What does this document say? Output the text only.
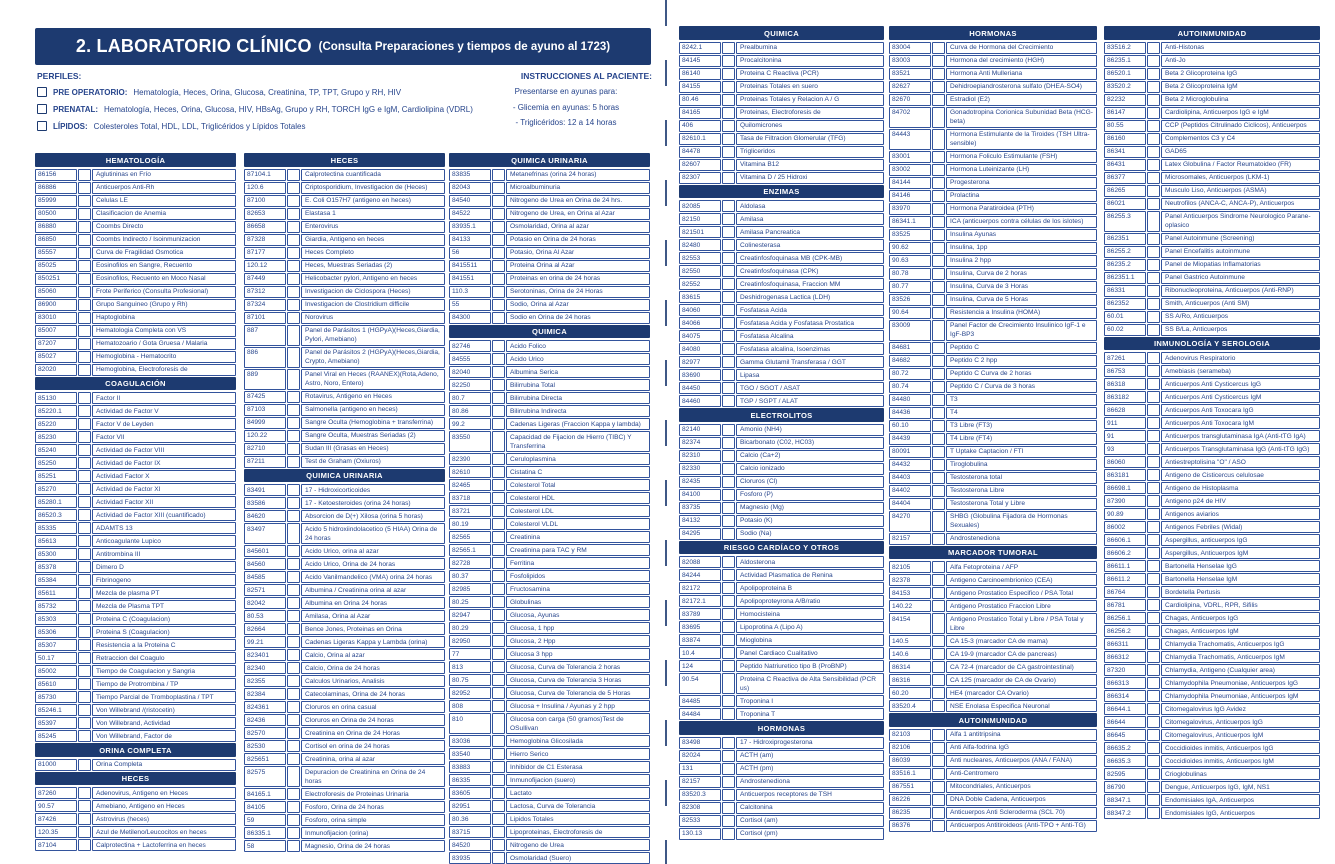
2. LABORATORIO CLÍNICO (Consulta Preparaciones y tiempos de ayuno al 1723)
PERFILES:
PRE OPERATORIO: Hematología, Heces, Orina, Glucosa, Creatinina, TP, TPT, Grupo y RH, HIV
PRENATAL: Hematología, Heces, Orina, Glucosa, HIV, HBsAg, Grupo y RH, TORCH IgG e IgM, Cardiolipina (VDRL)
LÍPIDOS: Colesteroles Total, HDL, LDL, Triglicéridos y Lípidos Totales
INSTRUCCIONES AL PACIENTE:
Presentarse en ayunas para:
- Glicemia en ayunas: 5 horas
- Triglicéridos: 12 a 14 horas
HEMATOLOGÍA
86156	Aglutininas en Frío
86886	Anticuerpos Anti-Rh
85999	Celulas LE
80500	Clasificacion de Anemia
86880	Coombs Directo
86850	Coombs Indirecto / Isoinmunizacion
85557	Curva de Fragilidad Osmotica
85025	Eosinofilos en Sangre, Recuento
850251	Eosinofilos, Recuento en Moco Nasal
85060	Frote Periferico (Consulta Profesional)
86900	Grupo Sanguineo (Grupo y Rh)
83010	Haptoglobina
85007	Hematologia Completa con VS
87207	Hematozoario / Gota Gruesa / Malaria
85027	Hemoglobina - Hematocrito
82020	Hemoglobina, Electroforesis de
COAGULACIÓN
85130	Factor II
85220.1	Actividad de Factor V
85220	Factor V de Leyden
85230	Factor VII
85240	Actividad de Factor VIII
85250	Actividad de Factor IX
85251	Actividad Factor X
85270	Actividad de Factor XI
85280.1	Actividad Factor XII
86520.3	Actividad de Factor XIII (cuantificado)
85335	ADAMTS 13
85613	Anticoagulante Lupico
85300	Antitrombina III
85378	Dimero D
85384	Fibrinogeno
85611	Mezcla de plasma PT
85732	Mezcla de Plasma TPT
85303	Proteina C (Coagulacion)
85306	Proteina S (Coagulacion)
85307	Resistencia a la Proteina C
50.17	Retraccion del Coagulo
85002	Tiempo de Coagulacion y Sangria
85610	Tiempo de Protrombina / TP
85730	Tiempo Parcial de Tromboplastina / TPT
85246.1	Von Willebrand /(ristocetin)
85397	Von Willebrand, Actividad
85245	Von Willebrand, Factor de
ORINA COMPLETA
81000	Orina Completa
HECES
87260	Adenovirus, Antigeno en Heces
90.57	Amebiano, Antigeno en Heces
87426	Astrovirus (heces)
120.35	Azul de Metileno/Leucocitos en heces
87104	Calprotectina + Lactoferrina en heces
HECES
87104.1	Calprotectina cuantificada
120.6	Criptosporidium, Investigacion de (Heces)
87100	E. Coli O157H7 (antigeno en heces)
82653	Elastasa 1
86658	Enterovirus
87328	Giardia, Antigeno en heces
87177	Heces Completo
120.12	Heces, Muestras Seriadas (2)
87449	Helicobacter pylori, Antigeno en heces
87312	Investigacion de Ciclospora (Heces)
87324	Investigacion de Clostridium difficile
87101	Norovirus
887	Panel de Parásitos 1 (HGPyA)(Heces,Giardia, Pylori, Amebiano)
886	Panel de Parásitos 2 (HGPyA)(Heces,Giardia, Crypto, Amebiano)
889	Panel Viral en Heces (RAANEX)(Rota,Adeno, Astro, Noro, Entero)
87425	Rotavirus, Antigeno en Heces
87103	Salmonella (antigeno en heces)
84999	Sangre Oculta (Hemoglobina + transferrina)
120.22	Sangre Oculta, Muestras Seriadas (2)
82710	Sudan III (Grasas en Heces)
87211	Test de Graham (Oxiuros)
QUIMICA URINARIA
83491	17 - Hidroxicorticoides
83586	17 - Ketoesteroides (orina 24 horas)
84620	Absorcion de D(+) Xilosa (orina 5 horas)
83497	Acido 5 hidroxiindolacetico (5 HIAA) Orina de 24 horas
845601	Acido Urico, orina al azar
84560	Acido Urico, Orina de 24 horas
84585	Acido Vanilmandelico (VMA) orina 24 horas
82571	Albumina / Creatinina orina al azar
82042	Albumina en Orina 24 horas
80.53	Amilasa, Orina al Azar
82664	Bence Jones, Proteinas en Orina
99.21	Cadenas Ligeras Kappa y Lambda (orina)
823401	Calcio, Orina al azar
82340	Calcio, Orina de 24 horas
82355	Calculos Urinarios, Analisis
82384	Catecolaminas, Orina de 24 horas
824361	Cloruros en orina casual
82436	Cloruros en Orina de 24 horas
82570	Creatinina en Orina de 24 Horas
82530	Cortisol en orina de 24 horas
825651	Creatinina, orina al azar
82575	Depuracion de Creatinina en Orina de 24 horas
84165.1	Electroforesis de Proteinas Urinaria
84105	Fosforo, Orina de 24 horas
59	Fosforo, orina simple
86335.1	Inmunofijacion (orina)
58	Magnesio, Orina de 24 horas
QUIMICA URINARIA
83835	Metanefrinas (orina 24 horas)
82043	Microalbuminuria
84540	Nitrogeno de Urea en Orina de 24 hrs.
84522	Nitrogeno de Urea, en Orina al Azar
83935.1	Osmolaridad, Orina al azar
84133	Potasio en Orina de 24 horas
56	Potasio, Orina Al Azar
8415511	Proteina Orina al Azar
841551	Proteinas en orina de 24 horas
110.3	Serotoninas, Orina de 24 Horas
55	Sodio, Orina al Azar
84300	Sodio en Orina de 24 horas
QUIMICA
82746	Acido Folico
84555	Acido Urico
82040	Albumina Serica
82250	Bilirrubina Total
80.7	Bilirrubina Directa
80.86	Bilirrubina Indirecta
99.2	Cadenas Ligeras (Fraccion Kappa y lambda)
83550	Capacidad de Fijacion de Hierro (TIBC) Y Transferrina
82390	Ceruloplasmina
82610	Cistatina C
82465	Colesterol Total
83718	Colesterol HDL
83721	Colesterol LDL
80.19	Colesterol VLDL
82565	Creatinina
82565.1	Creatinina para TAC y RM
82728	Ferritina
80.37	Fosfolipidos
82985	Fructosamina
80.25	Globulinas
82947	Glucosa, Ayunas
80.29	Glucosa, 1 hpp
82950	Glucosa, 2 Hpp
77	Glucosa 3 hpp
813	Glucosa, Curva de Tolerancia 2 horas
80.75	Glucosa, Curva de Tolerancia 3 Horas
82952	Glucosa, Curva de Tolerancia de 5 Horas
808	Glucosa + Insulina / Ayunas y 2 hpp
810	Glucosa con carga (50 gramos)Test de OSullivan
83036	Hemoglobina Glicosilada
83540	Hierro Serico
83883	Inhibidor de C1 Esterasa
86335	Inmunofijacion (suero)
83605	Lactato
82951	Lactosa, Curva de Tolerancia
80.36	Lipidos Totales
83715	Lipoproteinas, Electroforesis de
84520	Nitrogeno de Urea
83935	Osmolaridad (Suero)
QUIMICA
8242.1	Prealbumina
84145	Procalcitonina
86140	Proteina C Reactiva (PCR)
84155	Proteinas Totales en suero
80.46	Proteinas Totales y Relacion A / G
84165	Proteinas, Electroforesis de
406	Quilomicrones
82610.1	Tasa de Filtracion Glomerular (TFG)
84478	Trigliceridos
82607	Vitamina B12
82307	Vitamina D / 25 Hidroxi
ENZIMAS
82085	Aldolasa
82150	Amilasa
821501	Amilasa Pancreatica
82480	Colinesterasa
82553	Creatinfosfoquinasa MB (CPK-MB)
82550	Creatinfosfoquinasa (CPK)
82552	Creatinfosfoquinasa, Fraccion MM
83615	Deshidrogenasa Lactica (LDH)
84060	Fosfatasa Acida
84066	Fosfatasa Acida y Fosfatasa Prostatica
84075	Fosfatasa Alcalina
84080	Fosfatasa alcalina, Isoenzimas
82977	Gamma Glutamil Transferasa / GGT
83690	Lipasa
84450	TGO / SGOT / ASAT
84460	TGP / SGPT / ALAT
ELECTROLITOS
82140	Amonio (NH4)
82374	Bicarbonato (C02, HC03)
82310	Calcio (Ca+2)
82330	Calcio ionizado
82435	Cloruros (Cl)
84100	Fosforo (P)
83735	Magnesio (Mg)
84132	Potasio (K)
84295	Sodio (Na)
RIESGO CARDÍACO Y OTROS
82088	Aldosterona
84244	Actividad Plasmatica de Renina
82172	Apolipoproteina B
82172.1	Apolipoproteyrona A/B/ratio
83789	Homocisteina
83695	Lipoprotina A (Lipo A)
83874	Mioglobina
10.4	Panel Cardiaco Cualitativo
124	Peptido Natriuretico tipo B (ProBNP)
90.54	Proteina C Reactiva de Alta Sensibilidad (PCR us)
84485	Troponina I
84484	Troponina T
HORMONAS
83498	17 - Hidroxiprogesterona
82024	ACTH (am)
131	ACTH (pm)
82157	Androstenediona
83520.3	Anticuerpos receptores de TSH
82308	Calcitonina
82533	Cortisol (am)
130.13	Cortisol (pm)
HORMONAS
83004	Curva de Hormona del Crecimiento
83003	Hormona del crecimiento (HGH)
83521	Hormona Anti Mulleriana
82627	Dehidroepiandrosterona sulfato (DHEA-SO4)
82670	Estradiol (E2)
84702	Gonadotropina Corionica Subunidad Beta (HCG-beta)
84443	Hormona Estimulante de la Tiroides (TSH Ultra-sensible)
83001	Hormona Foliculo Estimulante (FSH)
83002	Hormona Luteinizante (LH)
84144	Progesterona
84146	Prolactina
83970	Hormona Paratiroidea (PTH)
86341.1	ICA (anticuerpos contra células de los islotes)
83525	Insulina Ayunas
90.62	Insulina, 1pp
90.63	Insulina 2 hpp
80.78	Insulina, Curva de 2 horas
80.77	Insulina, Curva de 3 Horas
83526	Insulina, Curva de 5 Horas
90.64	Resistencia a Insulina (HOMA)
83009	Panel Factor de Crecimiento Insulinico IgF-1 e IgF-BP3
84681	Peptido C
84682	Peptido C 2 hpp
80.72	Peptido C Curva de 2 horas
80.74	Peptido C / Curva de 3 horas
84480	T3
84436	T4
60.10	T3 Libre (FT3)
84439	T4 Libre (FT4)
80091	T Uptake Captacion / FTI
84432	Tiroglobulina
84403	Testosterona total
84402	Testosterona Libre
84404	Testosterona Total y Libre
84270	SHBG (Globulina Fijadora de Hormonas Sexuales)
82157	Androstenediona
MARCADOR TUMORAL
82105	Alfa Fetoproteina / AFP
82378	Antigeno Carcinoembrionico (CEA)
84153	Antigeno Prostatico Especifico / PSA Total
140.22	Antigeno Prostatico Fraccion Libre
84154	Antigeno Prostatico Total y Libre / PSA Total y Libre
140.5	CA 15-3 (marcador CA de mama)
140.6	CA 19-9 (marcador CA de pancreas)
86314	CA 72-4 (marcador de CA gastrointestinal)
86316	CA 125 (marcador de CA de Ovario)
60.20	HE4 (marcador CA Ovario)
83520.4	NSE Enolasa Especifica Neuronal
AUTOINMUNIDAD
82103	Alfa 1 antitripsina
82106	Anti Alfa-fodrina IgG
86039	Anti nucleares, Anticuerpos (ANA / FANA)
83516.1	Anti-Centromero
867551	Mitocondriales, Anticuerpos
86226	DNA Doble Cadena, Anticuerpos
86235	Anticuerpos Anti Scleroderma (SCL 70)
86376	Anticuerpos Antitiroideos (Anti-TPO + Anti-TG)
AUTOINMUNIDAD
83516.2	Anti-Histonas
86235.1	Anti-Jo
86520.1	Beta 2 Glicoproteina IgG
83520.2	Beta 2 Glicoproteina IgM
82232	Beta 2 Microglobulina
86147	Cardiolipina, Anticuerpos IgG e IgM
80.55	CCP (Peptidos Citrulinado Ciclicos), Anticuerpos
86160	Complementos C3 y C4
86341	GAD65
86431	Latex Globulina / Factor Reumatoideo (FR)
86377	Microsomales, Anticuerpos (LKM-1)
86265	Musculo Liso, Anticuerpos (ASMA)
86021	Neutrofilos (ANCA-C, ANCA-P), Anticuerpos
86255.3	Panel Anticuerpos Sindrome Neurologico Parane-oplasico
862351	Panel Autoinmune (Screening)
86255.2	Panel Encefalitis autoinmune
86235.2	Panel de Miopatias Inflamatorias
862351.1	Panel Gastrico Autoinmune
86331	Ribonucleoproteina, Anticuerpos (Anti-RNP)
862352	Smith, Anticuerpos (Anti SM)
60.01	SS A/Ro, Anticuerpos
60.02	SS B/La, Anticuerpos
INMUNOLOGÍA Y SEROLOGIA
87261	Adenovirus Respiratorio
86753	Amebiasis (serameba)
86318	Anticuerpos Anti Cysticercus IgG
863182	Anticuerpos Anti Cysticercus IgM
86628	Anticuerpos Anti Toxocara IgG
911	Anticuerpos Anti Toxocara IgM
91	Anticuerpos transglutaminasa IgA (Anti-tTG IgA)
93	Anticuerpos Transglutaminasa IgG (Anti-tTG IgG)
86060	Antiestreptolisina "O" / ASO
863181	Antigeno de Cisticercus celulosae
86698.1	Antigeno de Histoplasma
87390	Antigeno p24 de HIV
90.89	Antigenos aviarios
86002	Antigenos Febriles (Widal)
86606.1	Aspergillus, anticuerpos IgG
86606.2	Aspergillus, Anticuerpos IgM
86611.1	Bartonella Henselae IgG
86611.2	Bartonella Henselae IgM
86764	Bordetella Pertusis
86781	Cardiolipina, VDRL, RPR, Sifilis
86256.1	Chagas, Anticuerpos IgG
86256.2	Chagas, Anticuerpos IgM
866311	Chlamydia Trachomatis, Anticuerpos IgG
866312	Chlamydia Trachomatis, Anticuerpos IgM
87320	Chlamydia, Antigeno (Cualquier area)
866313	Chlamydophila Pneumoniae, Anticuerpos IgG
866314	Chlamydophila Pneumoniae, Anticuerpos IgM
86644.1	Citomegalovirus IgG Avidez
86644	Citomegalovirus, Anticuerpos IgG
86645	Citomegalovirus, Anticuerpos IgM
86635.2	Coccidioides inmitis, Anticuerpos IgG
86635.3	Coccidioides inmitis, Anticuerpos IgM
82595	Crioglobulinas
86790	Dengue, Anticuerpos IgG, IgM, NS1
88347.1	Endomisiales IgA, Anticuerpos
88347.2	Endomisiales IgG, Anticuerpos
